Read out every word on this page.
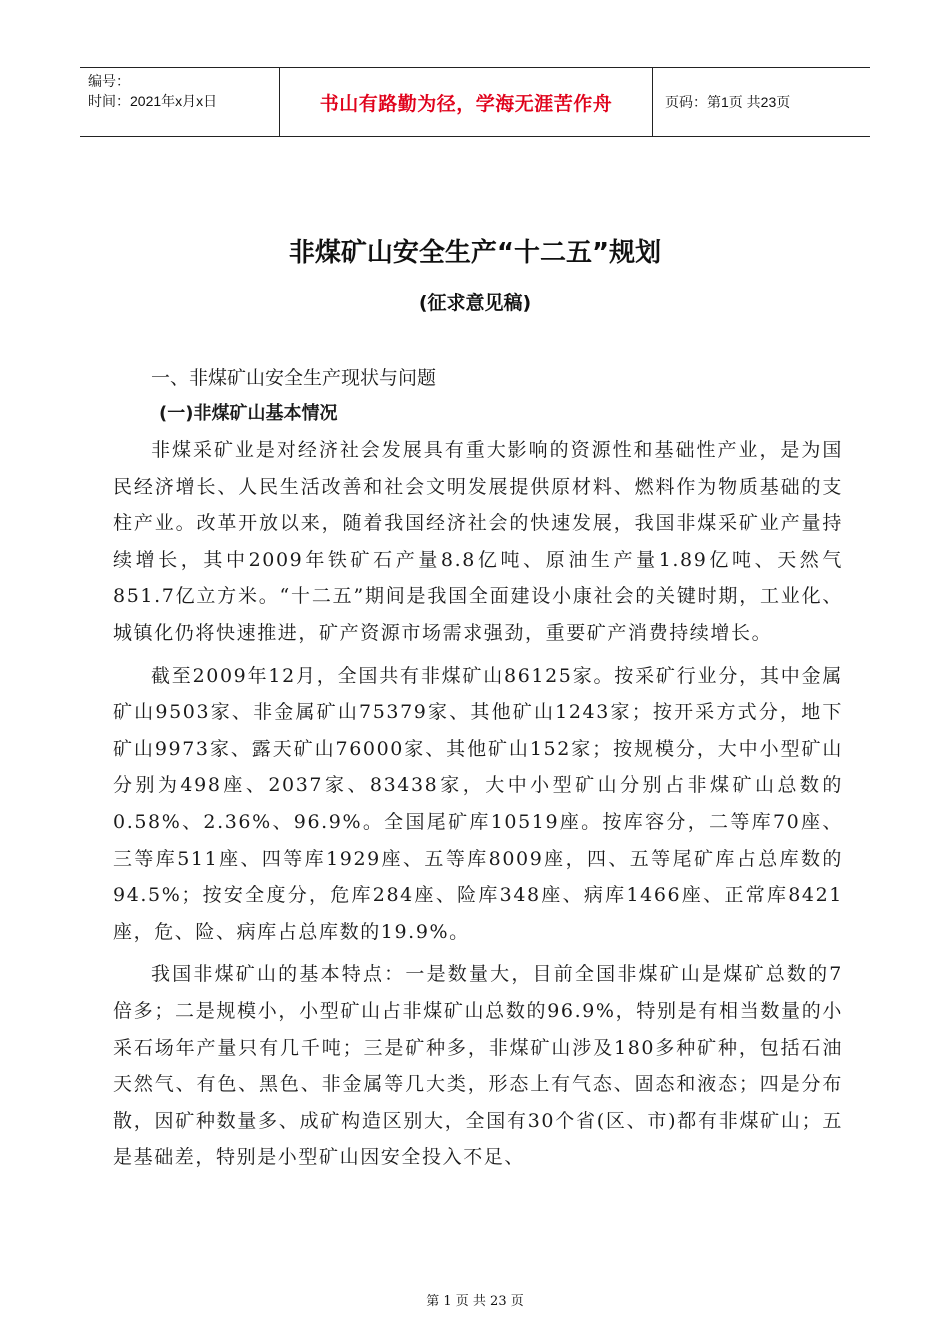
编号：
时间：2021年x月x日	书山有路勤为径，学海无涯苦作舟	页码：第1页 共23页
非煤矿山安全生产“十二五”规划
(征求意见稿)
一、非煤矿山安全生产现状与问题
(一)非煤矿山基本情况

非煤采矿业是对经济社会发展具有重大影响的资源性和基础性产业，是为国民经济增长、人民生活改善和社会文明发展提供原材料、燃料作为物质基础的支柱产业。改革开放以来，随着我国经济社会的快速发展，我国非煤采矿业产量持续增长，其中2009年铁矿石产量8.8亿吨、原油生产量1.89亿吨、天然气851.7亿立方米。“十二五”期间是我国全面建设小康社会的关键时期，工业化、城镇化仍将快速推进，矿产资源市场需求强劲，重要矿产消费持续增长。

截至2009年12月，全国共有非煤矿山86125家。按采矿行业分，其中金属矿山9503家、非金属矿山75379家、其他矿山1243家；按开采方式分，地下矿山9973家、露天矿山76000家、其他矿山152家；按规模分，大中小型矿山分别为498座、2037家、83438家，大中小型矿山分别占非煤矿山总数的0.58%、2.36%、96.9%。全国尾矿库10519座。按库容分，二等库70座、三等库511座、四等库1929座、五等库8009座，四、五等尾矿库占总库数的94.5%；按安全度分，危库284座、险库348座、病库1466座、正常库8421座，危、险、病库占总库数的19.9%。

我国非煤矿山的基本特点：一是数量大，目前全国非煤矿山是煤矿总数的7倍多；二是规模小，小型矿山占非煤矿山总数的96.9%，特别是有相当数量的小采石场年产量只有几千吨；三是矿种多，非煤矿山涉及180多种矿种，包括石油天然气、有色、黑色、非金属等几大类，形态上有气态、固态和液态；四是分布散，因矿种数量多、成矿构造区别大，全国有30个省(区、市)都有非煤矿山；五是基础差，特别是小型矿山因安全投入不足、

第 1 页 共 23 页
